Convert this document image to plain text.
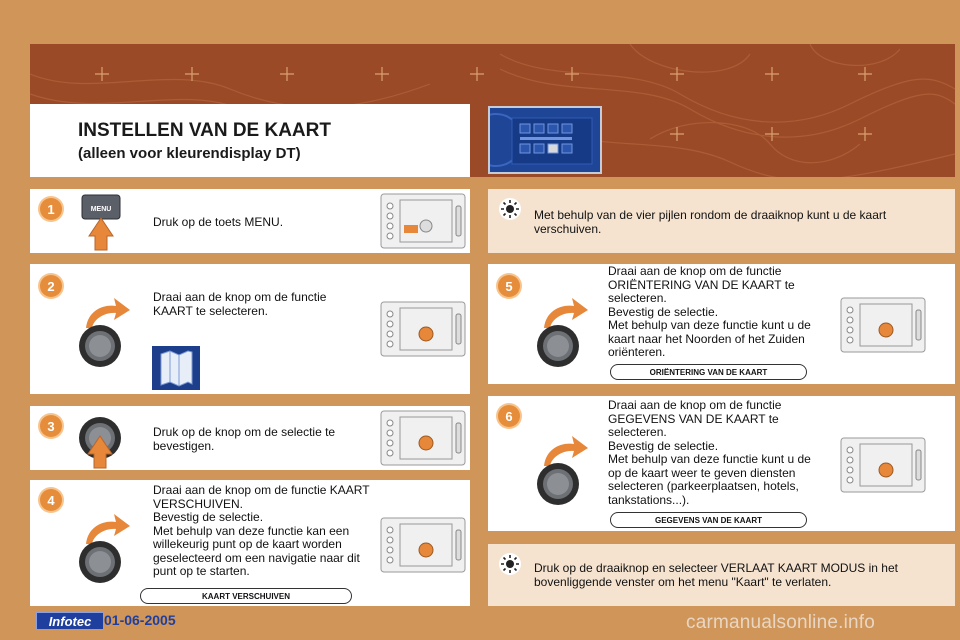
INSTELLEN VAN DE KAART
(alleen voor kleurendisplay DT)
1	MENU
Druk op de toets MENU.
2
Draai aan de knop om de functie KAART te selecteren.
3	Druk op de knop om de selectie te bevestigen.
4
Draai aan de knop om de functie KAART VERSCHUIVEN.
Bevestig de selectie.
Met behulp van deze functie kan een willekeurig punt op de kaart worden geselecteerd om een navigatie naar dit punt op te starten.
KAART VERSCHUIVEN
Met behulp van de vier pijlen rondom de draaiknop kunt u de kaart verschuiven.
5
Draai aan de knop om de functie ORIËNTERING VAN DE KAART te selecteren.
Bevestig de selectie.
Met behulp van deze functie kunt u de kaart naar het Noorden of het Zuiden oriënteren.
ORIËNTERING VAN DE KAART
6
Draai aan de knop om de functie GEGEVENS VAN DE KAART te selecteren.
Bevestig de selectie.
Met behulp van deze functie kunt u de op de kaart weer te geven diensten selecteren (parkeerplaatsen, hotels, tankstations...).
GEGEVENS VAN DE KAART
Druk op de draaiknop en selecteer VERLAAT KAART MODUS in het bovenliggende venster om het menu "Kaart" te verlaten.
Infotec 01-06-2005	carmanualsonline.info
